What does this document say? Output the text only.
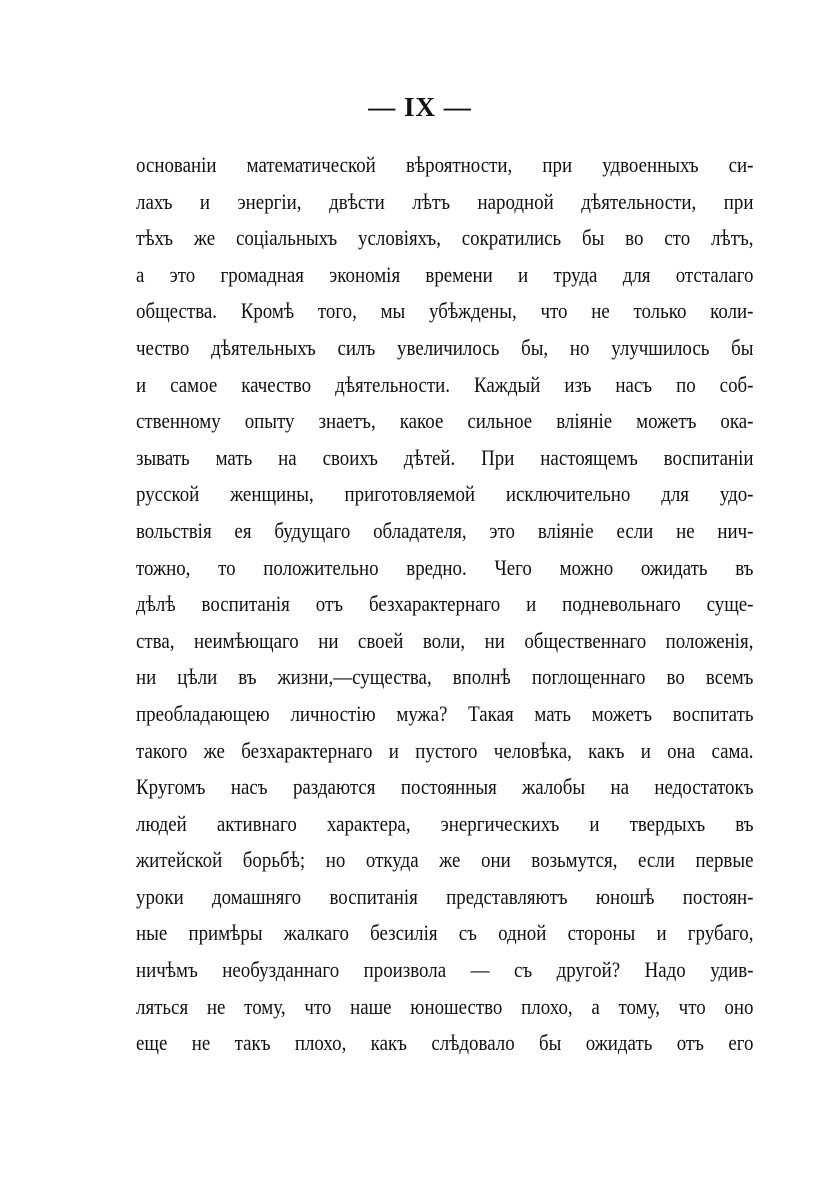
— IX —
основанiи математической вѣроятности, при удвоенныхъ си-
лахъ и энергiи, двѣсти лѣтъ народной дѣятельности, при
тѣхъ же соцiальныхъ условiяхъ, сократились бы во сто лѣтъ,
а это громадная экономiя времени и труда для отсталаго
общества. Кромѣ того, мы убѣждены, что не только коли-
чество дѣятельныхъ силъ увеличилось бы, но улучшилось бы
и самое качество дѣятельности. Каждый изъ насъ по соб-
ственному опыту знаетъ, какое сильное влiянiе можетъ ока-
зывать мать на своихъ дѣтей. При настоящемъ воспитанiи
русской женщины, приготовляемой исключительно для удо-
вольствiя ея будущаго обладателя, это влiянiе если не нич-
тожно, то положительно вредно. Чего можно ожидать въ
дѣлѣ воспитанiя отъ безхарактернаго и подневольнаго суще-
ства, неимѣющаго ни своей воли, ни общественнаго положенiя,
ни цѣли въ жизни,—существа, вполнѣ поглощеннаго во всемъ
преобладающею личностiю мужа? Такая мать можетъ воспитать
такого же безхарактернаго и пустого человѣка, какъ и она сама.
Кругомъ насъ раздаются постоянныя жалобы на недостатокъ
людей активнаго характера, энергическихъ и твердыхъ въ
житейской борьбѣ; но откуда же они возьмутся, если первые
уроки домашняго воспитанiя представляютъ юношѣ постоян-
ные примѣры жалкаго безсилiя съ одной стороны и грубаго,
ничѣмъ необузданнаго произвола — съ другой? Надо удив-
ляться не тому, что наше юношество плохо, а тому, что оно
еще не такъ плохо, какъ слѣдовало бы ожидать отъ его
